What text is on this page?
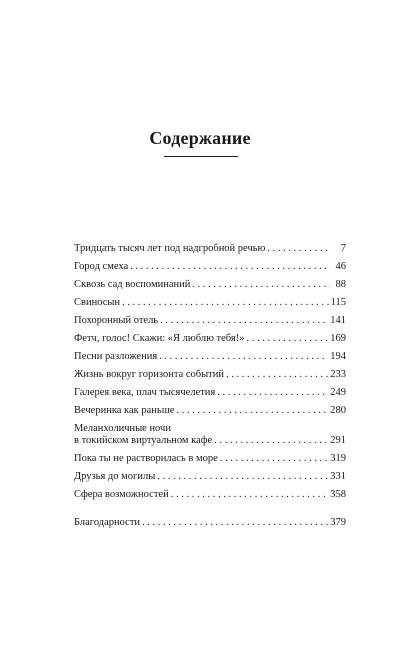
Содержание
Тридцать тысяч лет под надгробной речью . . .	7
Город смеха . . .	46
Сквозь сад воспоминаний . . .	88
Свиносын . . .	115
Похоронный отель . . .	141
Фетч, голос! Скажи: «Я люблю тебя!» . . .	169
Песни разложения . . .	194
Жизнь вокруг горизонта событий . . .	233
Галерея века, плач тысячелетия . . .	249
Вечеринка как раньше . . .	280
Меланхоличные ночи
в токийском виртуальном кафе . . .	291
Пока ты не растворилась в море . . .	319
Друзья до могилы . . .	331
Сфера возможностей . . .	358
Благодарности . . .	379
